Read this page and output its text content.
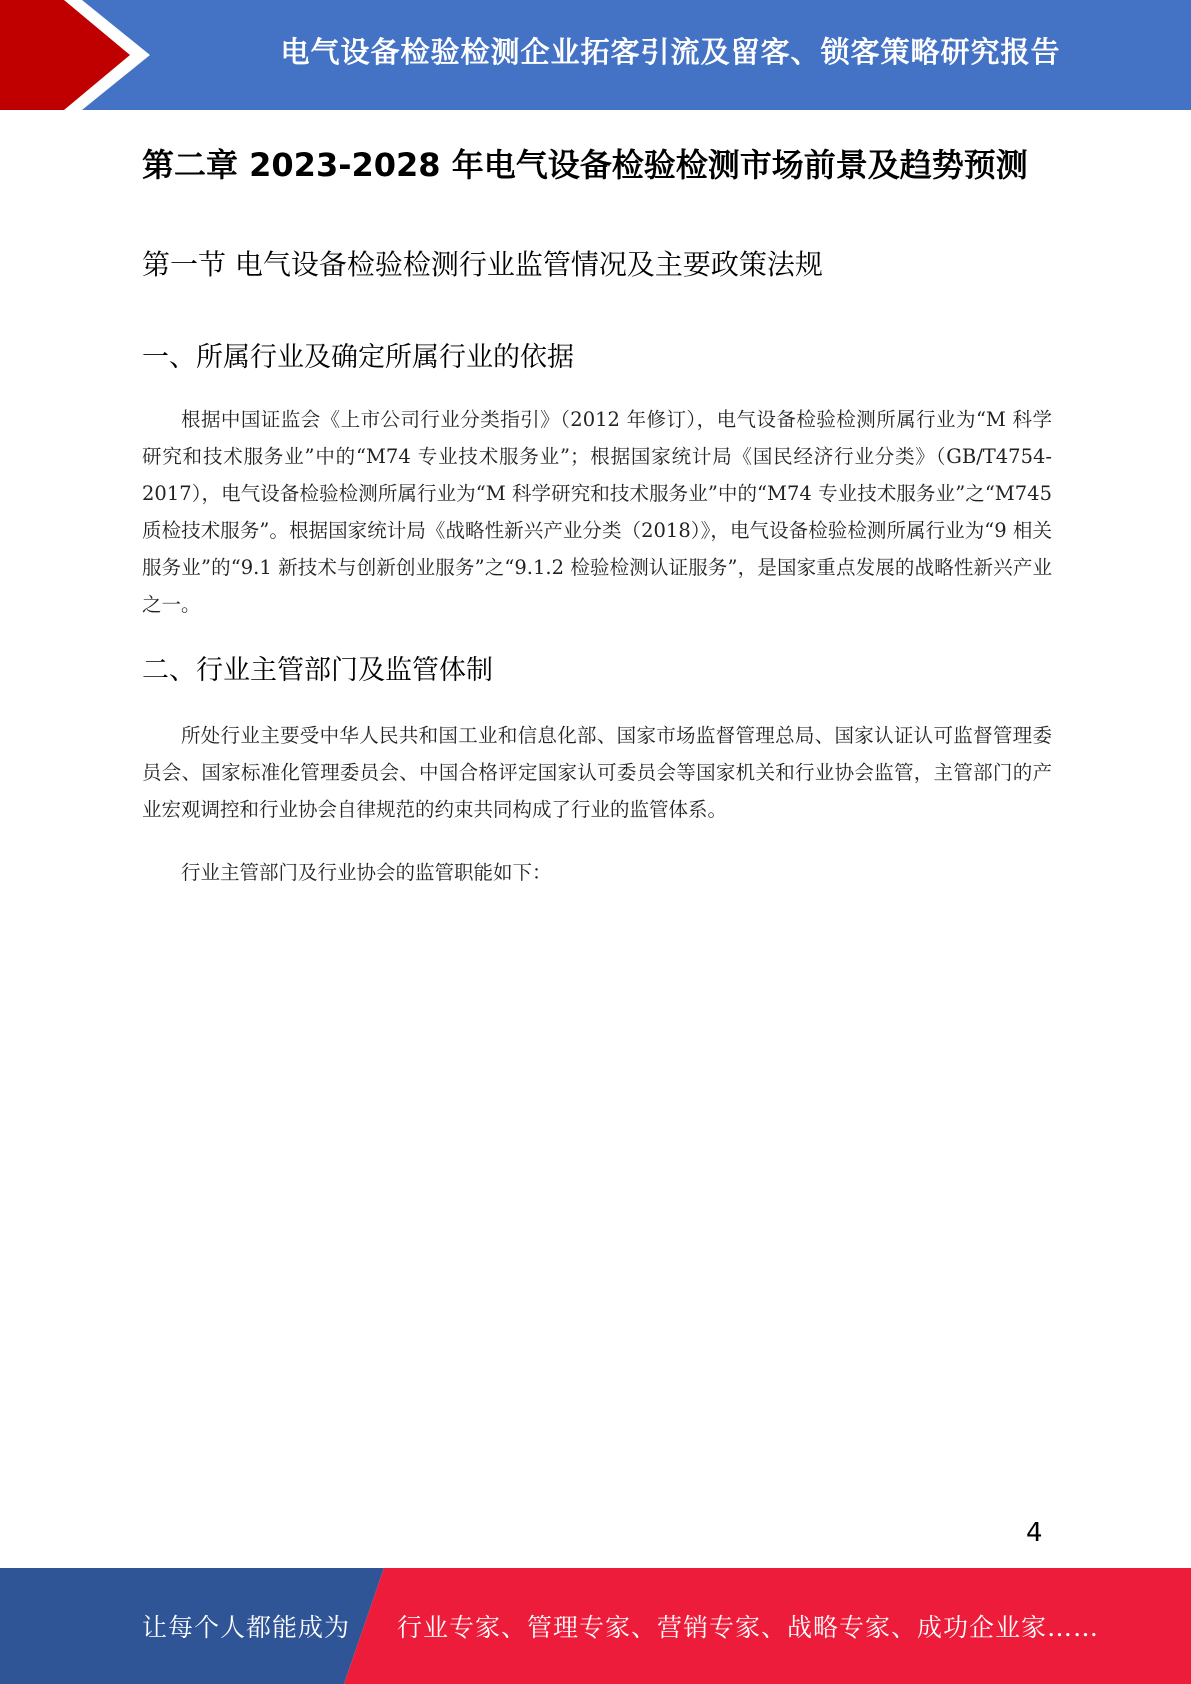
电气设备检验检测企业拓客引流及留客、锁客策略研究报告
第二章 2023-2028 年电气设备检验检测市场前景及趋势预测
第一节 电气设备检验检测行业监管情况及主要政策法规
一、所属行业及确定所属行业的依据
根据中国证监会《上市公司行业分类指引》（2012 年修订），电气设备检验检测所属行业为“M 科学研究和技术服务业”中的“M74 专业技术服务业”；根据国家统计局《国民经济行业分类》（GB/T4754-2017），电气设备检验检测所属行业为“M 科学研究和技术服务业”中的“M74 专业技术服务业”之“M745 质检技术服务”。根据国家统计局《战略性新兴产业分类（2018）》，电气设备检验检测所属行业为“9 相关服务业”的“9.1 新技术与创新创业服务”之“9.1.2 检验检测认证服务”，是国家重点发展的战略性新兴产业之一。
二、行业主管部门及监管体制
所处行业主要受中华人民共和国工业和信息化部、国家市场监督管理总局、国家认证认可监督管理委员会、国家标准化管理委员会、中国合格评定国家认可委员会等国家机关和行业协会监管，主管部门的产业宏观调控和行业协会自律规范的约束共同构成了行业的监管体系。
行业主管部门及行业协会的监管职能如下：
4
让每个人都能成为 行业专家、管理专家、营销专家、战略专家、成功企业家……
